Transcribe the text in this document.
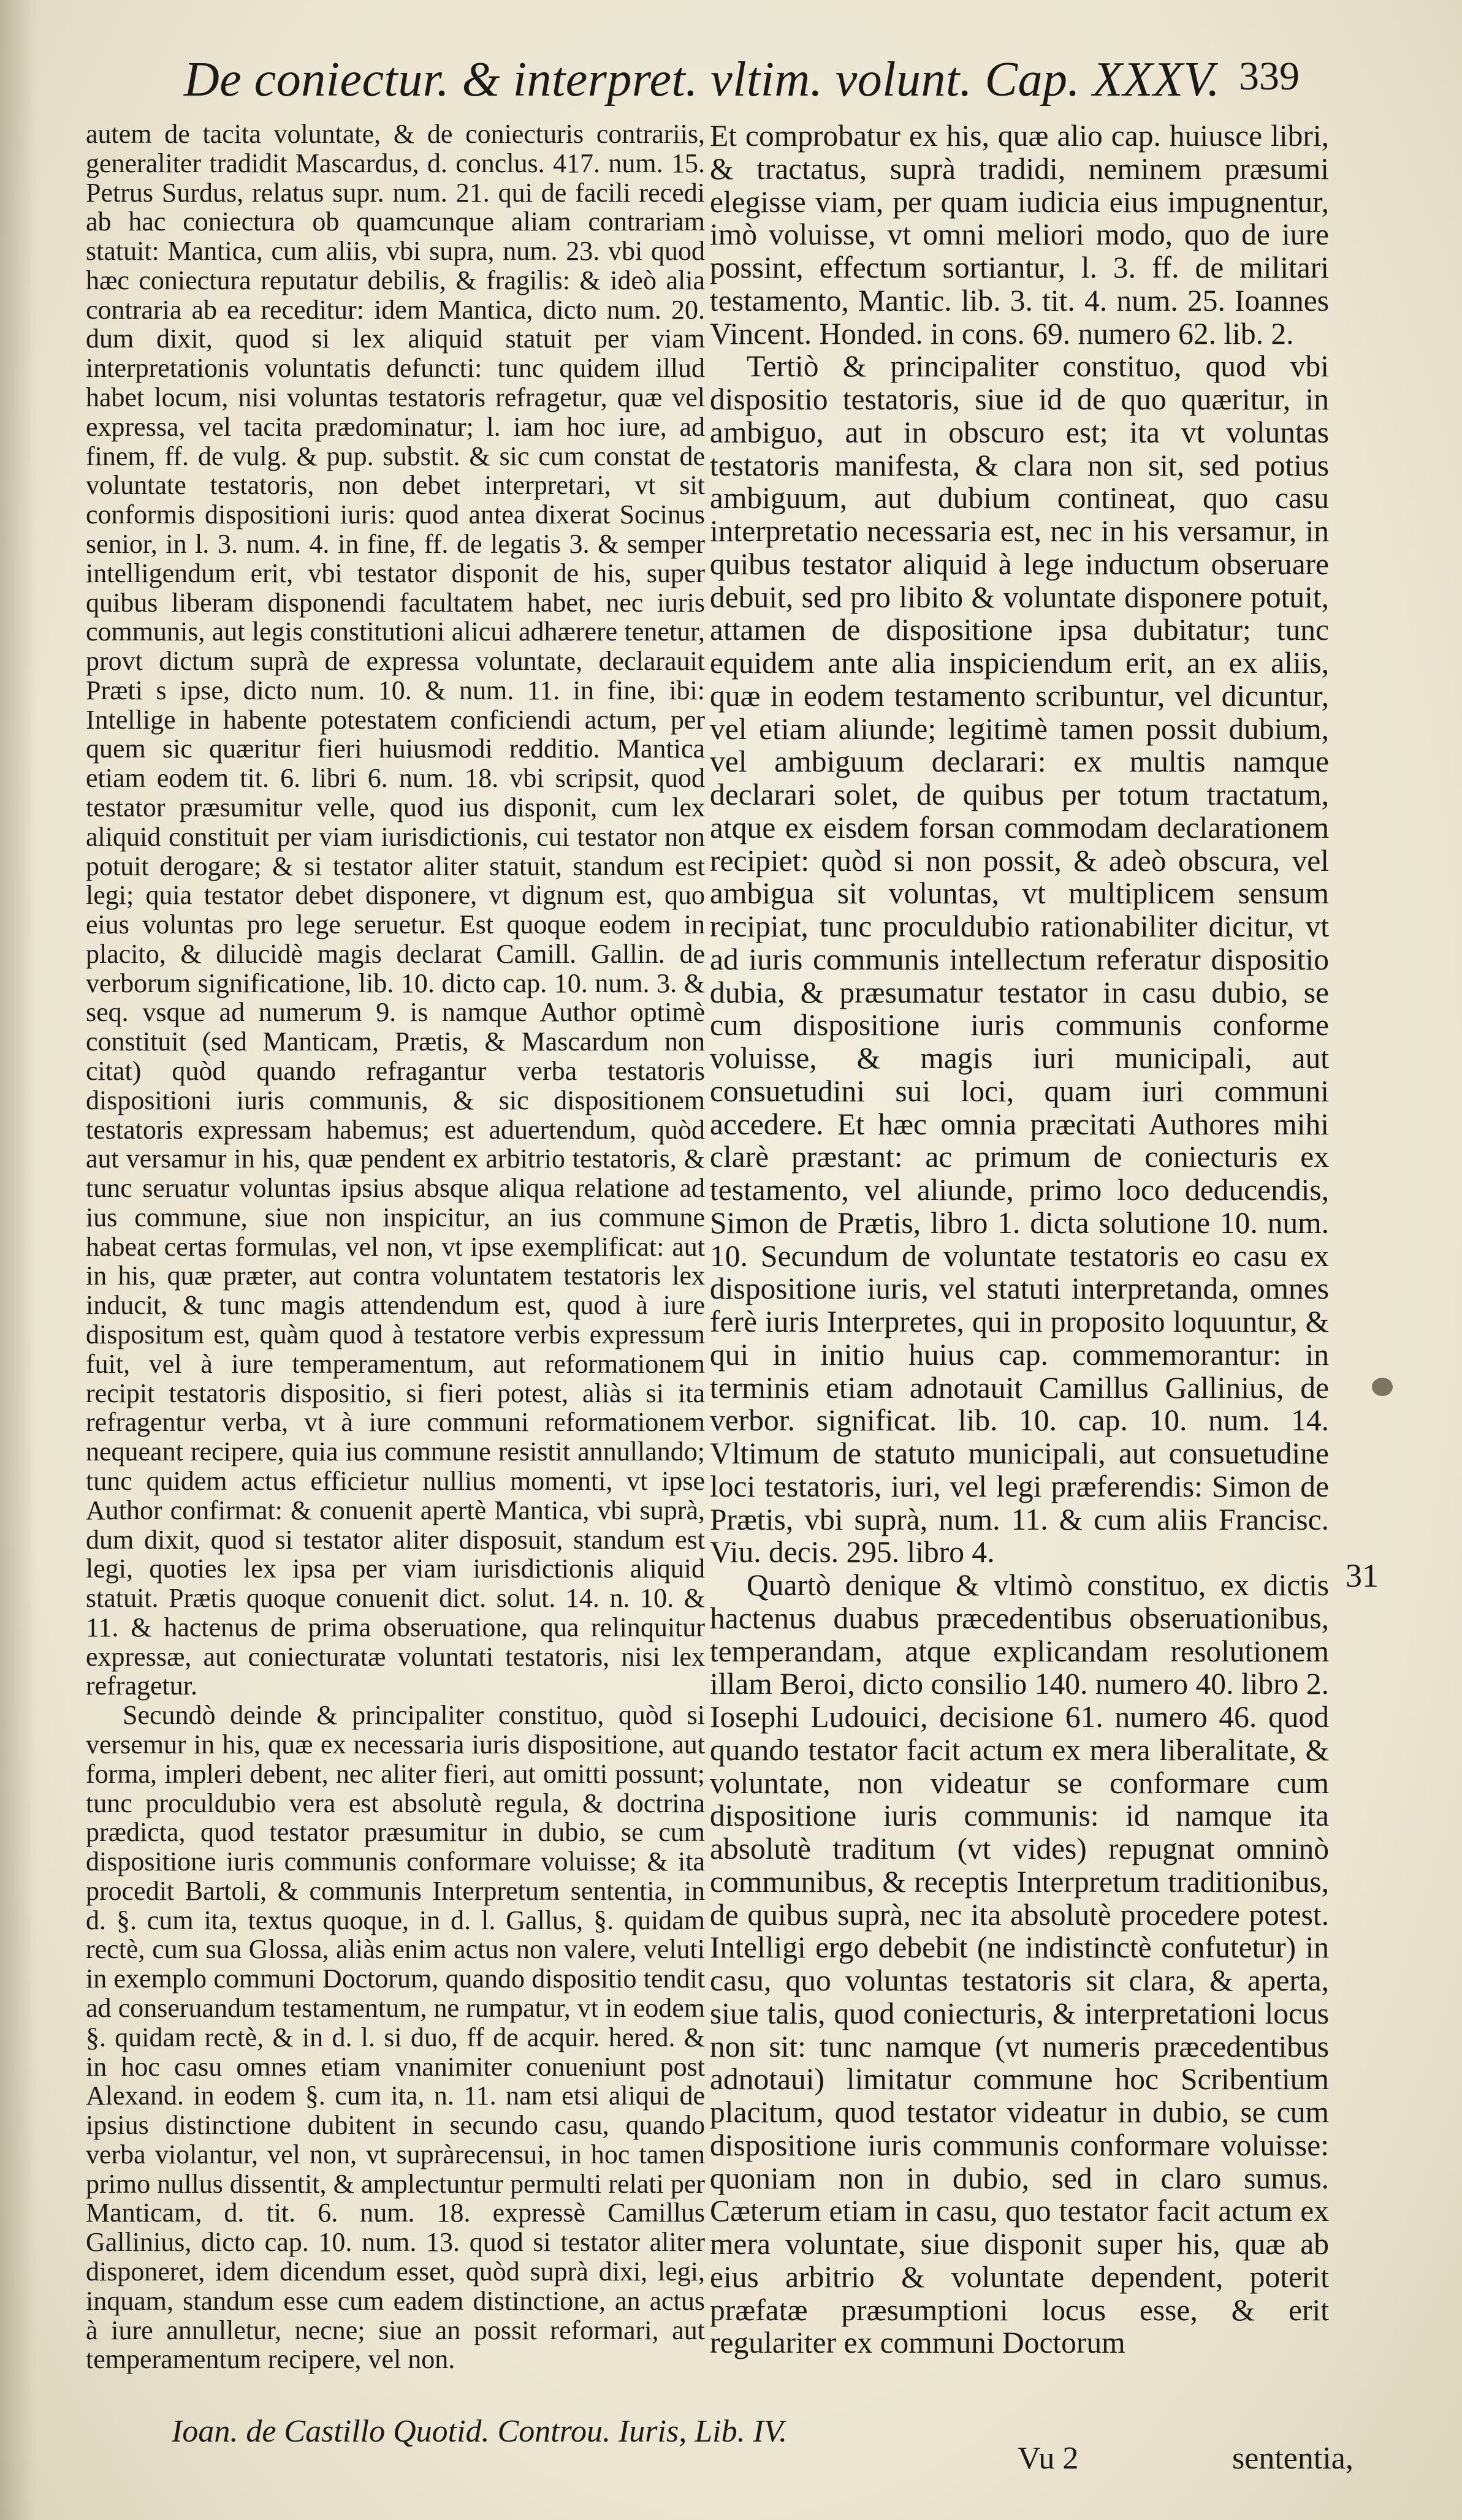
De coniectur. & interpret. vltim. volunt. Cap. XXXV. 339

autem de tacita voluntate, & de coniecturis contrariis, generaliter tradidit Mascardus, d. conclus. 417. num. 15. Petrus Surdus, relatus supr. num. 21. qui de facili recedi ab hac coniectura ob quamcunque aliam contrariam statuit: Mantica, cum aliis, vbi supra, num. 23. vbi quod hæc coniectura reputatur debilis, & fragilis: & ideò alia contraria ab ea receditur: idem Mantica, dicto num. 20. dum dixit, quod si lex aliquid statuit per viam interpretationis voluntatis defuncti: tunc quidem illud habet locum, nisi voluntas testatoris refragetur, quæ vel expressa, vel tacita prædominatur; l. iam hoc iure, ad finem, ff. de vulg. & pup. substit. & sic cum constat de voluntate testatoris, non debet interpretari, vt sit conformis dispositioni iuris: quod antea dixerat Socinus senior, in l. 3. num. 4. in fine, ff. de legatis 3. & semper intelligendum erit, vbi testator disponit de his, super quibus liberam disponendi facultatem habet, nec iuris communis, aut legis constitutioni alicui adhærere tenetur, provt dictum suprà de expressa voluntate, declarauit Præti s ipse, dicto num. 10. & num. 11. in fine, ibi: Intellige in habente potestatem conficiendi actum, per quem sic quæritur fieri huiusmodi redditio. Mantica etiam eodem tit. 6. libri 6. num. 18. vbi scripsit, quod testator præsumitur velle, quod ius disponit, cum lex aliquid constituit per viam iurisdictionis, cui testator non potuit derogare; & si testator aliter statuit, standum est legi; quia testator debet disponere, vt dignum est, quo eius voluntas pro lege seruetur. Est quoque eodem in placito, & dilucidè magis declarat Camill. Gallin. de verborum significatione, lib. 10. dicto cap. 10. num. 3. & seq. vsque ad numerum 9. is namque Author optimè constituit (sed Manticam, Prætis, & Mascardum non citat) quòd quando refragantur verba testatoris dispositioni iuris communis, & sic dispositionem testatoris expressam habemus; est aduertendum, quòd aut versamur in his, quæ pendent ex arbitrio testatoris, & tunc seruatur voluntas ipsius absque aliqua relatione ad ius commune, siue non inspicitur, an ius commune habeat certas formulas, vel non, vt ipse exemplificat: aut in his, quæ præter, aut contra voluntatem testatoris lex inducit, & tunc magis attendendum est, quod à iure dispositum est, quàm quod à testatore verbis expressum fuit, vel à iure temperamentum, aut reformationem recipit testatoris dispositio, si fieri potest, aliàs si ita refragentur verba, vt à iure communi reformationem nequeant recipere, quia ius commune resistit annullando; tunc quidem actus efficietur nullius momenti, vt ipse Author confirmat: & conuenit apertè Mantica, vbi suprà, dum dixit, quod si testator aliter disposuit, standum est legi, quoties lex ipsa per viam iurisdictionis aliquid statuit. Prætis quoque conuenit dict. solut. 14. n. 10. & 11. & hactenus de prima obseruatione, qua relinquitur expressæ, aut coniecturatæ voluntati testatoris, nisi lex refragetur.

Secundò deinde & principaliter constituo, quòd si versemur in his, quæ ex necessaria iuris dispositione, aut forma, impleri debent, nec aliter fieri, aut omitti possunt; tunc proculdubio vera est absolutè regula, & doctrina prædicta, quod testator præsumitur in dubio, se cum dispositione iuris communis conformare voluisse; & ita procedit Bartoli, & communis Interpretum sententia, in d. §. cum ita, textus quoque, in d. l. Gallus, §. quidam rectè, cum sua Glossa, aliàs enim actus non valere, veluti in exemplo communi Doctorum, quando dispositio tendit ad conseruandum testamentum, ne rumpatur, vt in eodem §. quidam rectè, & in d. l. si duo, ff de acquir. hered. & in hoc casu omnes etiam vnanimiter conueniunt post Alexand. in eodem §. cum ita, n. 11. nam etsi aliqui de ipsius distinctione dubitent in secundo casu, quando verba violantur, vel non, vt supràrecensui, in hoc tamen primo nullus dissentit, & amplectuntur permulti relati per Manticam, d. tit. 6. num. 18. expressè Camillus Gallinius, dicto cap. 10. num. 13. quod si testator aliter disponeret, idem dicendum esset, quòd suprà dixi, legi, inquam, standum esse cum eadem distinctione, an actus à iure annulletur, necne; siue an possit reformari, aut temperamentum recipere, vel non.

Et comprobatur ex his, quæ alio cap. huiusce libri, & tractatus, suprà tradidi, neminem præsumi elegisse viam, per quam iudicia eius impugnentur, imò voluisse, vt omni meliori modo, quo de iure possint, effectum sortiantur, l. 3. ff. de militari testamento, Mantic. lib. 3. tit. 4. num. 25. Ioannes Vincent. Honded. in cons. 69. numero 62. lib. 2.

Tertiò & principaliter constituo, quod vbi dispositio testatoris, siue id de quo quæritur, in ambiguo, aut in obscuro est; ita vt voluntas testatoris manifesta, & clara non sit, sed potius ambiguum, aut dubium contineat, quo casu interpretatio necessaria est, nec in his versamur, in quibus testator aliquid à lege inductum obseruare debuit, sed pro libito & voluntate disponere potuit, attamen de dispositione ipsa dubitatur; tunc equidem ante alia inspiciendum erit, an ex aliis, quæ in eodem testamento scribuntur, vel dicuntur, vel etiam aliunde; legitimè tamen possit dubium, vel ambiguum declarari: ex multis namque declarari solet, de quibus per totum tractatum, atque ex eisdem forsan commodam declarationem recipiet: quòd si non possit, & adeò obscura, vel ambigua sit voluntas, vt multiplicem sensum recipiat, tunc proculdubio rationabiliter dicitur, vt ad iuris communis intellectum referatur dispositio dubia, & præsumatur testator in casu dubio, se cum dispositione iuris communis conforme voluisse, & magis iuri municipali, aut consuetudini sui loci, quam iuri communi accedere. Et hæc omnia præcitati Authores mihi clarè præstant: ac primum de coniecturis ex testamento, vel aliunde, primo loco deducendis, Simon de Prætis, libro 1. dicta solutione 10. num. 10. Secundum de voluntate testatoris eo casu ex dispositione iuris, vel statuti interpretanda, omnes ferè iuris Interpretes, qui in proposito loquuntur, & qui in initio huius cap. commemorantur: in terminis etiam adnotauit Camillus Gallinius, de verbor. significat. lib. 10. cap. 10. num. 14. Vltimum de statuto municipali, aut consuetudine loci testatoris, iuri, vel legi præferendis: Simon de Prætis, vbi suprà, num. 11. & cum aliis Francisc. Viu. decis. 295. libro 4.

Quartò denique & vltimò constituo, ex dictis hactenus duabus præcedentibus obseruationibus, temperandam, atque explicandam resolutionem illam Beroi, dicto consilio 140. numero 40. libro 2. Iosephi Ludouici, decisione 61. numero 46. quod quando testator facit actum ex mera liberalitate, & voluntate, non videatur se conformare cum dispositione iuris communis: id namque ita absolutè traditum (vt vides) repugnat omninò communibus, & receptis Interpretum traditionibus, de quibus suprà, nec ita absolutè procedere potest. Intelligi ergo debebit (ne indistinctè confutetur) in casu, quo voluntas testatoris sit clara, & aperta, siue talis, quod coniecturis, & interpretationi locus non sit: tunc namque (vt numeris præcedentibus adnotaui) limitatur commune hoc Scribentium placitum, quod testator videatur in dubio, se cum dispositione iuris communis conformare voluisse: quoniam non in dubio, sed in claro sumus. Cæterum etiam in casu, quo testator facit actum ex mera voluntate, siue disponit super his, quæ ab eius arbitrio & voluntate dependent, poterit præfatæ præsumptioni locus esse, & erit regulariter ex communi Doctorum

31
Ioan. de Castillo Quotid. Controu. Iuris, Lib. IV.
Vu 2	sententia,
